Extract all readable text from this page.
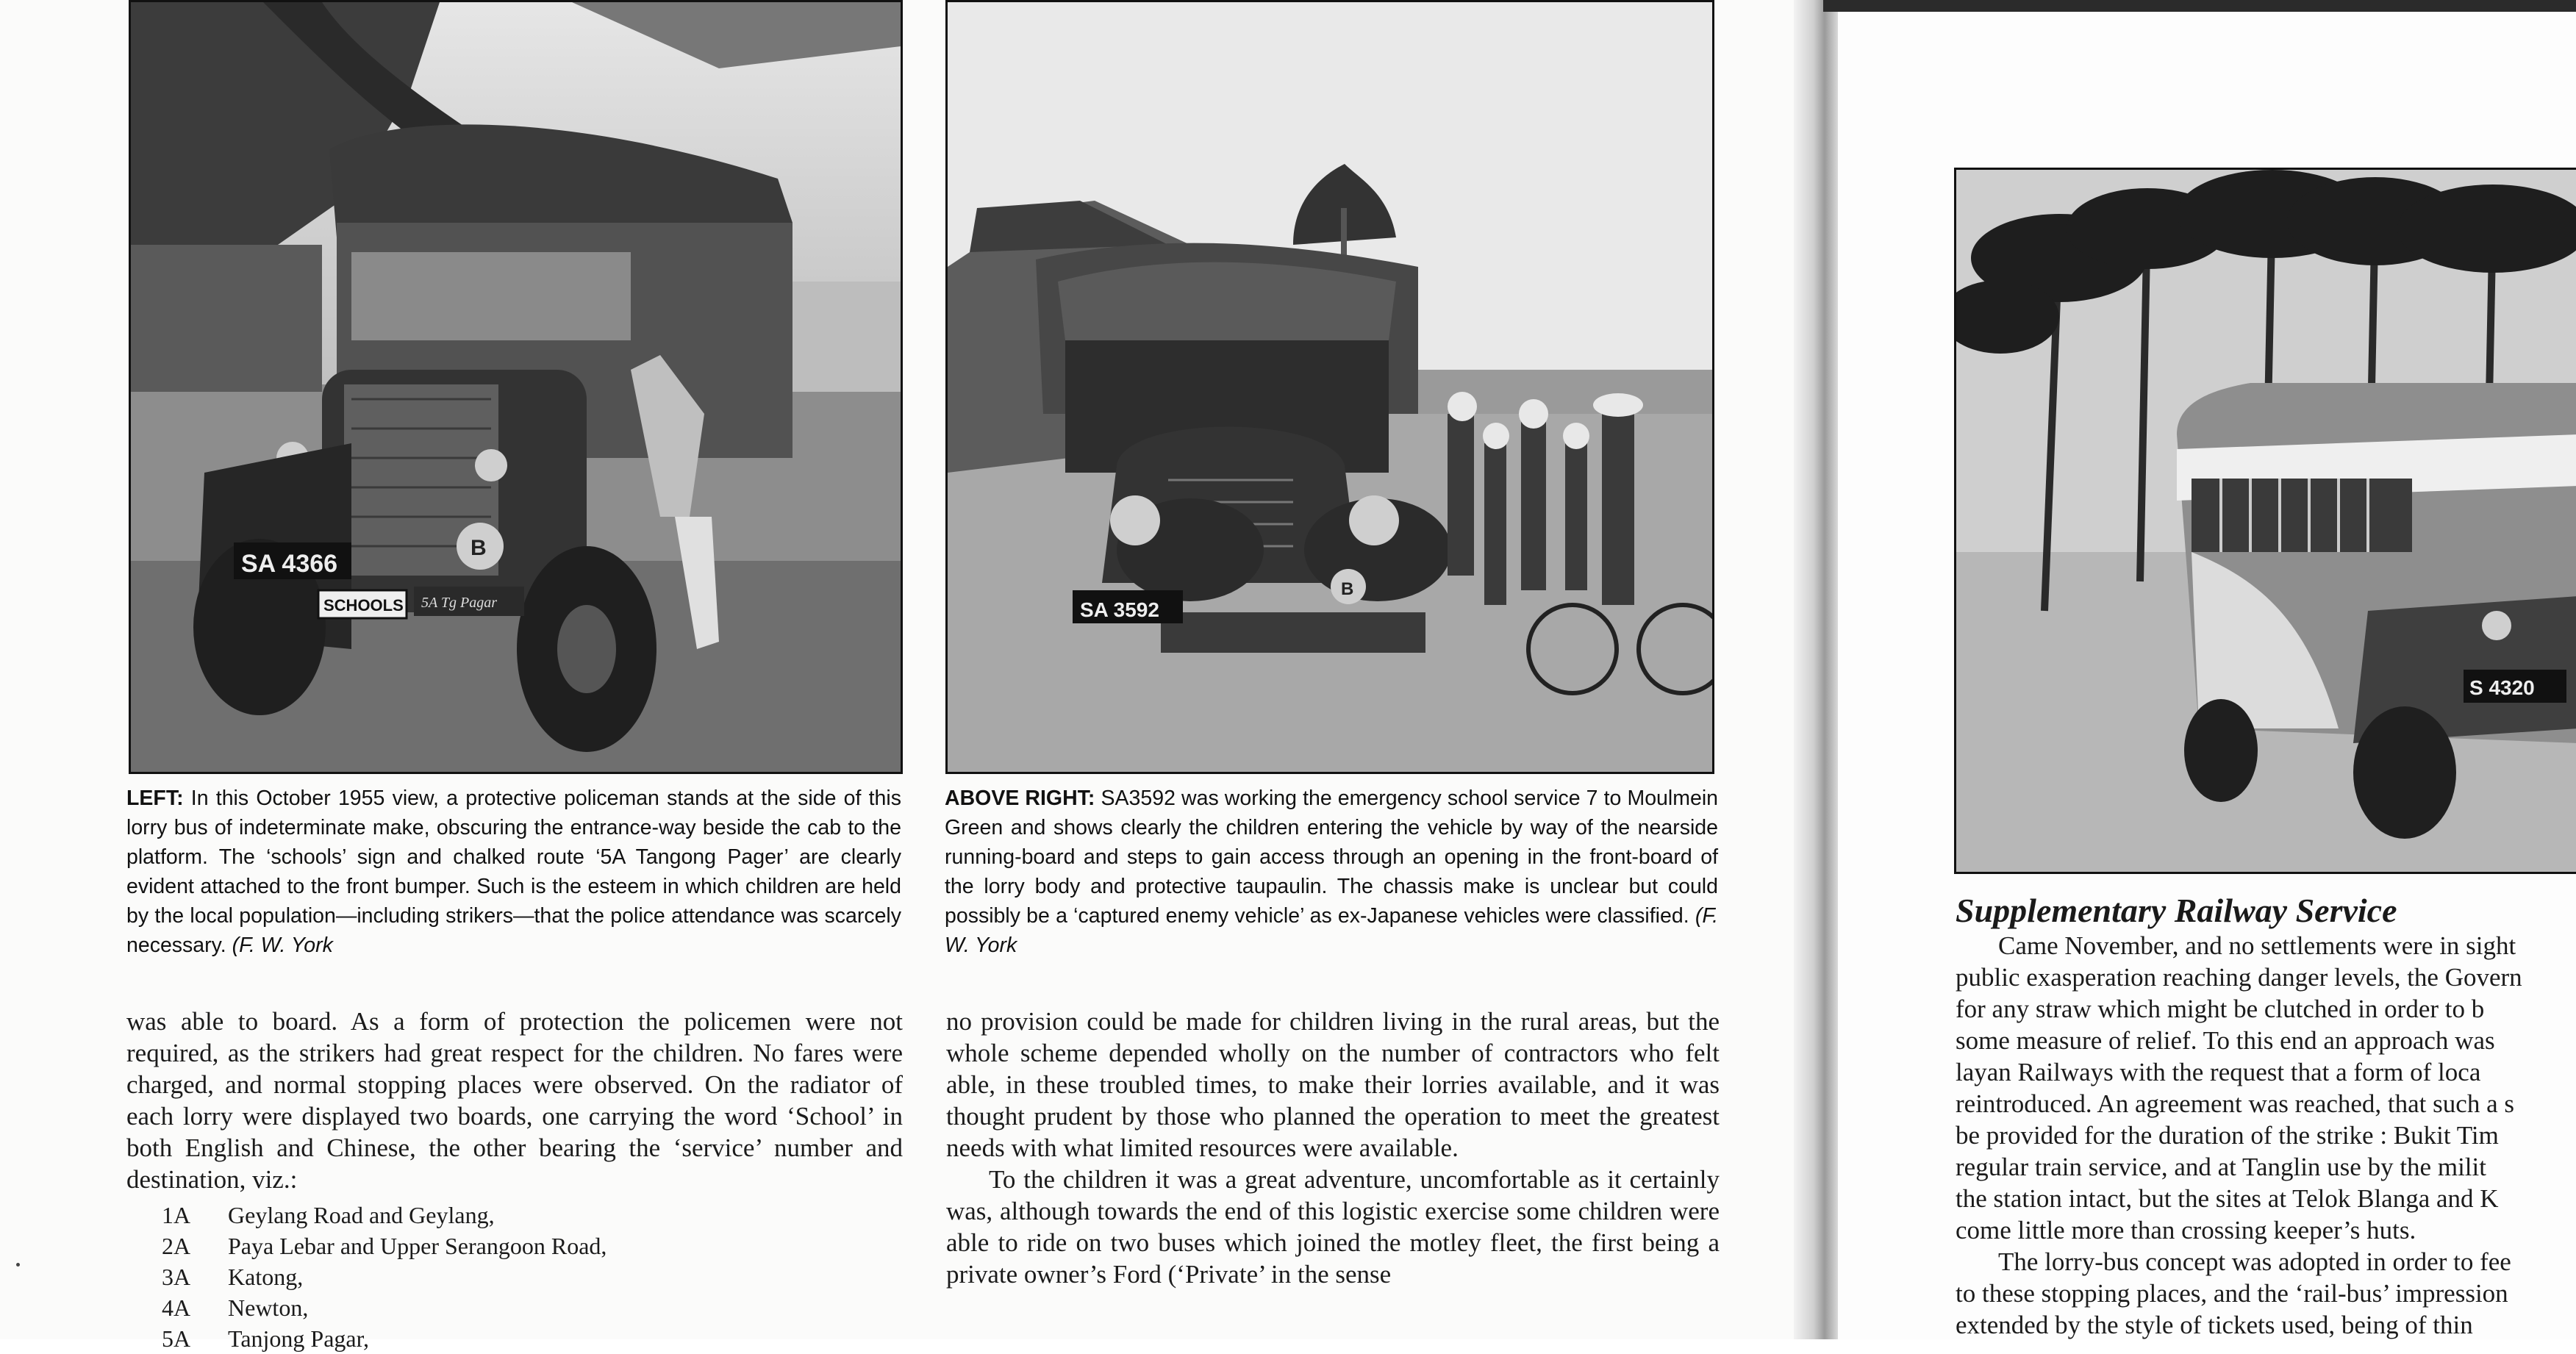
SA 4366
SCHOOLS 5A Tg Pagar
B
SA 3592
B
S 4320
LEFT: In this October 1955 view, a protective policeman stands at the side of this lorry bus of indeterminate make, obscuring the entrance-way beside the cab to the platform. The ‘schools’ sign and chalked route ‘5A Tangong Pager’ are clearly evident attached to the front bumper. Such is the esteem in which children are held by the local population—including strikers—that the police attendance was scarcely necessary. (F. W. York
ABOVE RIGHT: SA3592 was working the emergency school service 7 to Moulmein Green and shows clearly the children entering the vehicle by way of the nearside running-board and steps to gain access through an opening in the front-board of the lorry body and protective taupaulin. The chassis make is unclear but could possibly be a ‘captured enemy vehicle’ as ex-Japanese vehicles were classified. (F. W. York

was able to board. As a form of protection the policemen were not required, as the strikers had great respect for the children. No fares were charged, and normal stopping places were observed. On the radiator of each lorry were displayed two boards, one carrying the word ‘School’ in both English and Chinese, the other bearing the ‘service’ number and destination, viz.:

1A	Geylang Road and Geylang,
2A	Paya Lebar and Upper Serangoon Road,
3A	Katong,
4A	Newton,
5A	Tanjong Pagar,

no provision could be made for children living in the rural areas, but the whole scheme depended wholly on the number of contractors who felt able, in these troubled times, to make their lorries available, and it was thought prudent by those who planned the operation to meet the greatest needs with what limited resources were available.

To the children it was a great adventure, uncomfortable as it certainly was, although towards the end of this logistic exercise some children were able to ride on two buses which joined the motley fleet, the first being a private owner’s Ford (‘Private’ in the sense

Supplementary Railway Service
Came November, and no settlements were in sight
public exasperation reaching danger levels, the Govern
for any straw which might be clutched in order to b
some measure of relief. To this end an approach was
layan Railways with the request that a form of loca
reintroduced. An agreement was reached, that such a s
be provided for the duration of the strike : Bukit Tim
regular train service, and at Tanglin use by the milit
the station intact, but the sites at Telok Blanga and K
come little more than crossing keeper’s huts.
The lorry-bus concept was adopted in order to fee
to these stopping places, and the ‘rail-bus’ impression
extended by the style of tickets used, being of thin
